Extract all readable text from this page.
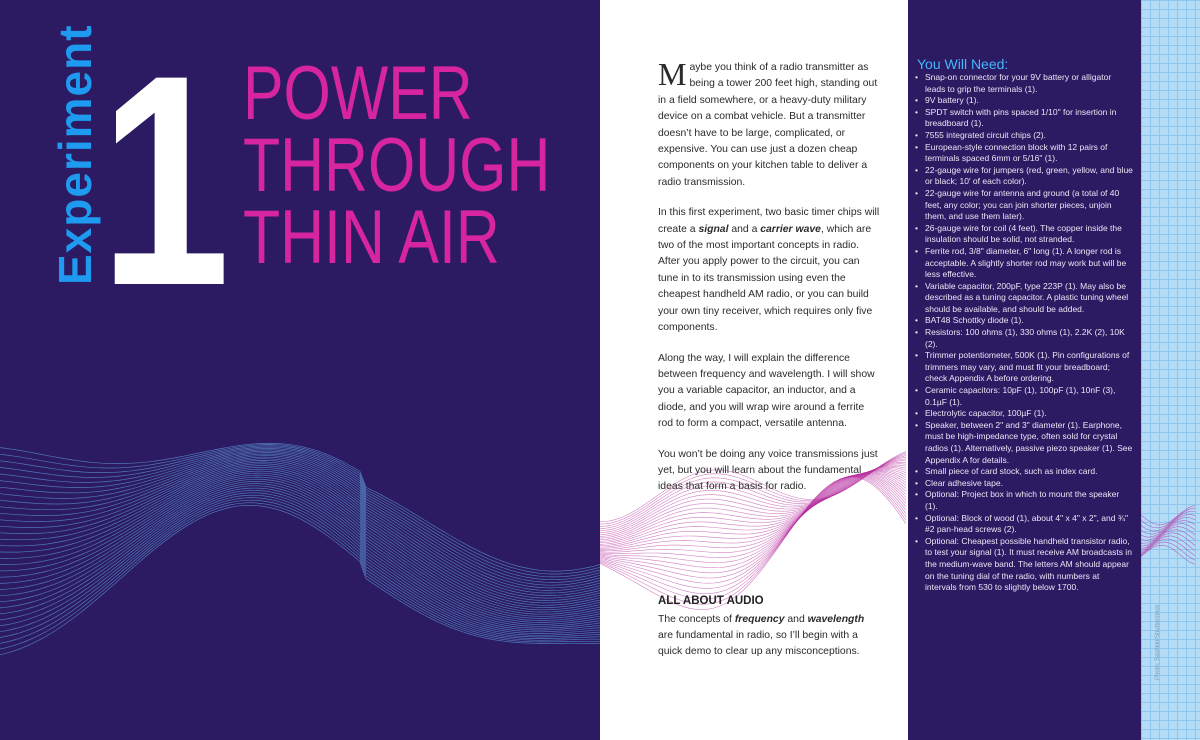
Experiment 1 POWER
THROUGH
THIN AIR

Maybe you think of a radio transmitter as being a tower 200 feet high, standing out in a field somewhere, or a heavy-duty military device on a combat vehicle. But a transmitter doesn’t have to be large, complicated, or expensive. You can use just a dozen cheap components on your kitchen table to deliver a radio transmission.

In this first experiment, two basic timer chips will create a signal and a carrier wave, which are two of the most important concepts in radio. After you apply power to the circuit, you can tune in to its transmission using even the cheapest handheld AM radio, or you can build your own tiny receiver, which requires only five components.

Along the way, I will explain the difference between frequency and wavelength. I will show you a variable capacitor, an inductor, and a diode, and you will wrap wire around a ferrite rod to form a compact, versatile antenna.

You won’t be doing any voice transmissions just yet, but you will learn about the fundamental ideas that form a basis for radio.

ALL ABOUT AUDIO
The concepts of frequency and wavelength are fundamental in radio, so I’ll begin with a quick demo to clear up any misconceptions.
You Will Need:
• Snap-on connector for your 9V battery or alligator leads to grip the terminals (1).
• 9V battery (1).
• SPDT switch with pins spaced 1/10" for insertion in breadboard (1).
• 7555 integrated circuit chips (2).
• European-style connection block with 12 pairs of terminals spaced 6mm or 5/16" (1).
• 22-gauge wire for jumpers (red, green, yellow, and blue or black; 10' of each color).
• 22-gauge wire for antenna and ground (a total of 40 feet, any color; you can join shorter pieces, unjoin them, and use them later).
• 26-gauge wire for coil (4 feet). The copper inside the insulation should be solid, not stranded.
• Ferrite rod, 3/8" diameter, 6" long (1). A longer rod is acceptable. A slightly shorter rod may work but will be less effective.
• Variable capacitor, 200pF, type 223P (1). May also be described as a tuning capacitor. A plastic tuning wheel should be available, and should be added.
• BAT48 Schottky diode (1).
• Resistors: 100 ohms (1), 330 ohms (1), 2.2K (2), 10K (2).
• Trimmer potentiometer, 500K (1). Pin configurations of trimmers may vary, and must fit your breadboard; check Appendix A before ordering.
• Ceramic capacitors: 10pF (1), 100pF (1), 10nF (3), 0.1µF (1).
• Electrolytic capacitor, 100µF (1).
• Speaker, between 2" and 3" diameter (1). Earphone, must be high-impedance type, often sold for crystal radios (1). Alternatively, passive piezo speaker (1). See Appendix A for details.
• Small piece of card stock, such as index card.
• Clear adhesive tape.
• Optional: Project box in which to mount the speaker (1).
• Optional: Block of wood (1), about 4" x 4" x 2", and ¾" #2 pan-head screws (2).
• Optional: Cheapest possible handheld transistor radio, to test your signal (1). It must receive AM broadcasts in the medium-wave band. The letters AM should appear on the tuning dial of the radio, with numbers at intervals from 530 to slightly below 1700.
Photo: Sashkin/Shutterstock
